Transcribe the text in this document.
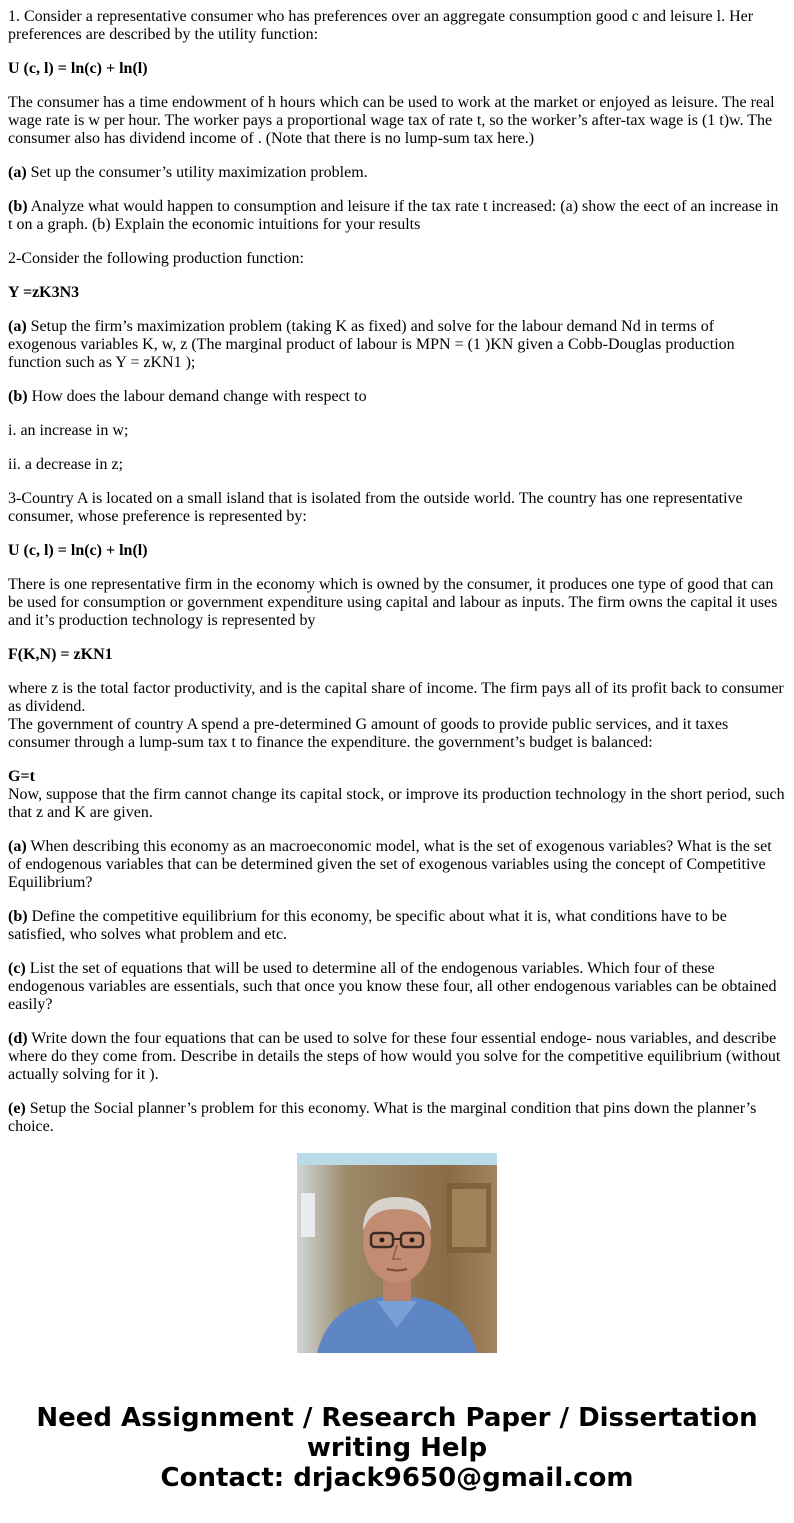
1. Consider a representative consumer who has preferences over an aggregate consumption good c and leisure l. Her preferences are described by the utility function:

U (c, l) = ln(c) + ln(l)

The consumer has a time endowment of h hours which can be used to work at the market or enjoyed as leisure. The real wage rate is w per hour. The worker pays a proportional wage tax of rate t, so the worker’s after-tax wage is (1 t)w. The consumer also has dividend income of . (Note that there is no lump-sum tax here.)

(a) Set up the consumer’s utility maximization problem.

(b) Analyze what would happen to consumption and leisure if the tax rate t increased: (a) show the eect of an increase in t on a graph. (b) Explain the economic intuitions for your results

2-Consider the following production function:

Y =zK3N3

(a) Setup the firm’s maximization problem (taking K as fixed) and solve for the labour demand Nd in terms of exogenous variables K, w, z (The marginal product of labour is MPN = (1 )KN given a Cobb-Douglas production function such as Y = zKN1 );

(b) How does the labour demand change with respect to

i. an increase in w;

ii. a decrease in z;

3-Country A is located on a small island that is isolated from the outside world. The country has one representative consumer, whose preference is represented by:

U (c, l) = ln(c) + ln(l)

There is one representative firm in the economy which is owned by the consumer, it produces one type of good that can be used for consumption or government expenditure using capital and labour as inputs. The firm owns the capital it uses and it’s production technology is represented by

F(K,N) = zKN1

where z is the total factor productivity, and is the capital share of income. The firm pays all of its profit back to consumer as dividend.

The government of country A spend a pre-determined G amount of goods to provide public services, and it taxes consumer through a lump-sum tax t to finance the expenditure. the government’s budget is balanced:

G=t

Now, suppose that the firm cannot change its capital stock, or improve its production technology in the short period, such that z and K are given.

(a) When describing this economy as an macroeconomic model, what is the set of exogenous variables? What is the set of endogenous variables that can be determined given the set of exogenous variables using the concept of Competitive Equilibrium?

(b) Define the competitive equilibrium for this economy, be specific about what it is, what conditions have to be satisfied, who solves what problem and etc.

(c) List the set of equations that will be used to determine all of the endogenous variables. Which four of these endogenous variables are essentials, such that once you know these four, all other endogenous variables can be obtained easily?

(d) Write down the four equations that can be used to solve for these four essential endoge- nous variables, and describe where do they come from. Describe in details the steps of how would you solve for the competitive equilibrium (without actually solving for it ).

(e) Setup the Social planner’s problem for this economy. What is the marginal condition that pins down the planner’s choice.

Need Assignment / Research Paper / Dissertation
writing Help
Contact: drjack9650@gmail.com
